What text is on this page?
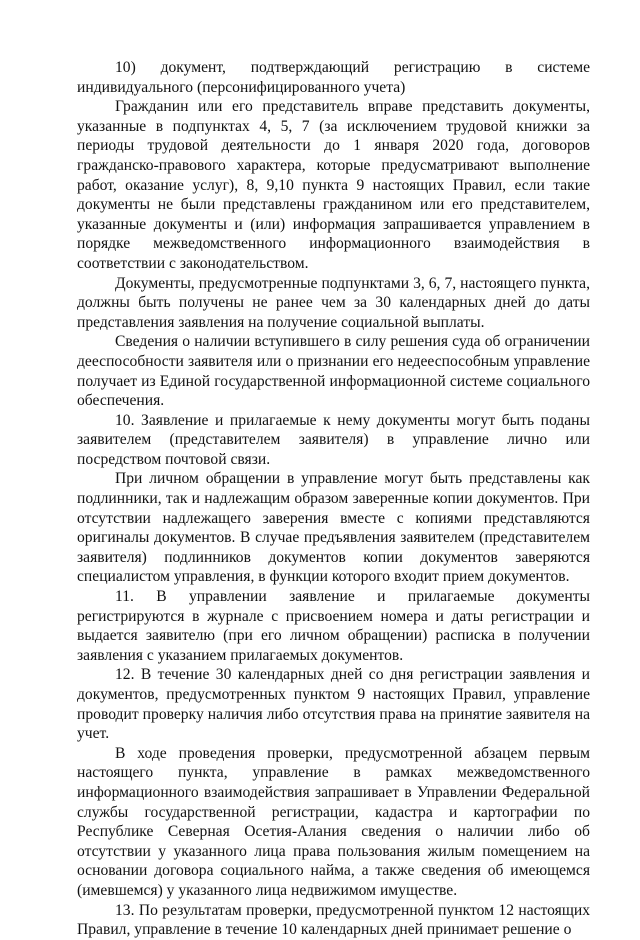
10) документ, подтверждающий регистрацию в системе индивидуального (персонифицированного учета)

Гражданин или его представитель вправе представить документы, указанные в подпунктах 4, 5, 7 (за исключением трудовой книжки за периоды трудовой деятельности до 1 января 2020 года, договоров гражданско-правового характера, которые предусматривают выполнение работ, оказание услуг), 8, 9,10 пункта 9 настоящих Правил, если такие документы не были представлены гражданином или его представителем, указанные документы и (или) информация запрашивается управлением в порядке межведомственного информационного взаимодействия в соответствии с законодательством.

Документы, предусмотренные подпунктами 3, 6, 7, настоящего пункта, должны быть получены не ранее чем за 30 календарных дней до даты представления заявления на получение социальной выплаты.

Сведения о наличии вступившего в силу решения суда об ограничении дееспособности заявителя или о признании его недееспособным управление получает из Единой государственной информационной системе социального обеспечения.

10. Заявление и прилагаемые к нему документы могут быть поданы заявителем (представителем заявителя) в управление лично или посредством почтовой связи.

При личном обращении в управление могут быть представлены как подлинники, так и надлежащим образом заверенные копии документов. При отсутствии надлежащего заверения вместе с копиями представляются оригиналы документов. В случае предъявления заявителем (представителем заявителя) подлинников документов копии документов заверяются специалистом управления, в функции которого входит прием документов.

11. В управлении заявление и прилагаемые документы регистрируются в журнале с присвоением номера и даты регистрации и выдается заявителю (при его личном обращении) расписка в получении заявления с указанием прилагаемых документов.

12. В течение 30 календарных дней со дня регистрации заявления и документов, предусмотренных пунктом 9 настоящих Правил, управление проводит проверку наличия либо отсутствия права на принятие заявителя на учет.

В ходе проведения проверки, предусмотренной абзацем первым настоящего пункта, управление в рамках межведомственного информационного взаимодействия запрашивает в Управлении Федеральной службы государственной регистрации, кадастра и картографии по Республике Северная Осетия-Алания сведения о наличии либо об отсутствии у указанного лица права пользования жилым помещением на основании договора социального найма, а также сведения об имеющемся (имевшемся) у указанного лица недвижимом имуществе.

13. По результатам проверки, предусмотренной пунктом 12 настоящих Правил, управление в течение 10 календарных дней принимает решение о
